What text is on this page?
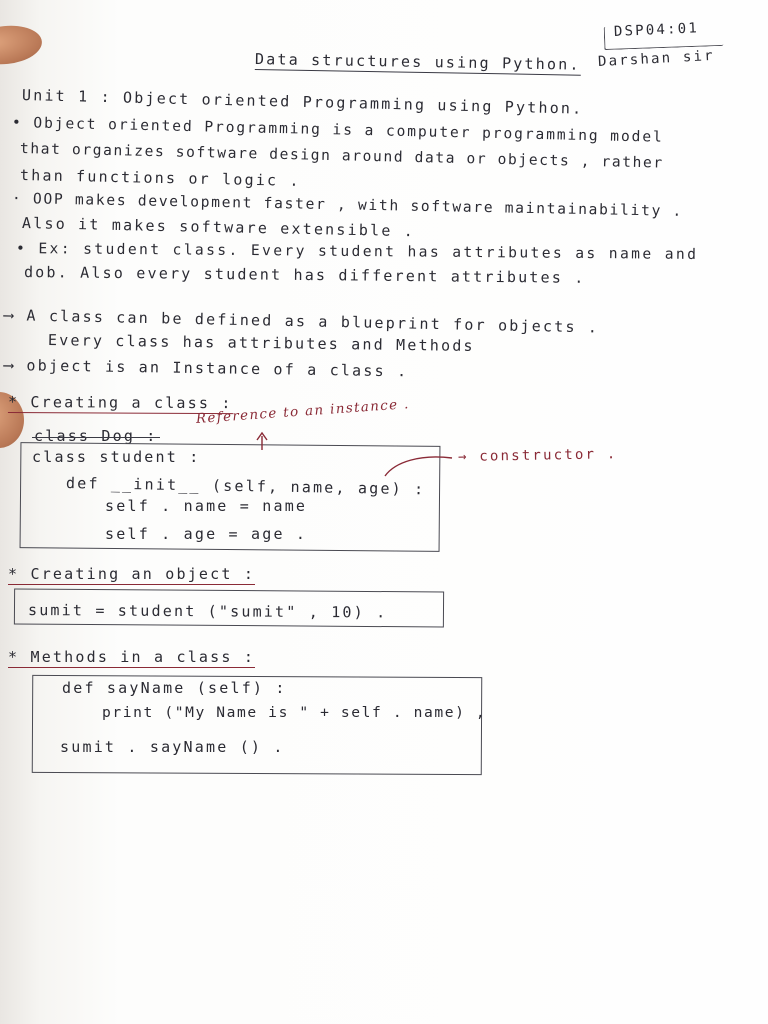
DSP04:01
Data structures using Python. Darshan sir
Unit 1 : Object oriented Programming using Python.
• Object oriented Programming is a computer programming model
that organizes software design around data or objects , rather
than functions or logic .
· OOP makes development faster , with software maintainability .
Also it makes software extensible .
• Ex: student class. Every student has attributes as name and
dob. Also every student has different attributes .
⟶ A class can be defined as a blueprint for objects .
Every class has attributes and Methods
⟶ object is an Instance of a class .
* Creating a class :
Reference to an instance .
class Dog :
class student :
def __init__ (self, name, age) :
self . name = name
self . age = age .
→ constructor .
* Creating an object :
sumit = student ("sumit" , 10) .
* Methods in a class :
def sayName (self) :
print ("My Name is " + self . name) ,
sumit . sayName () .
